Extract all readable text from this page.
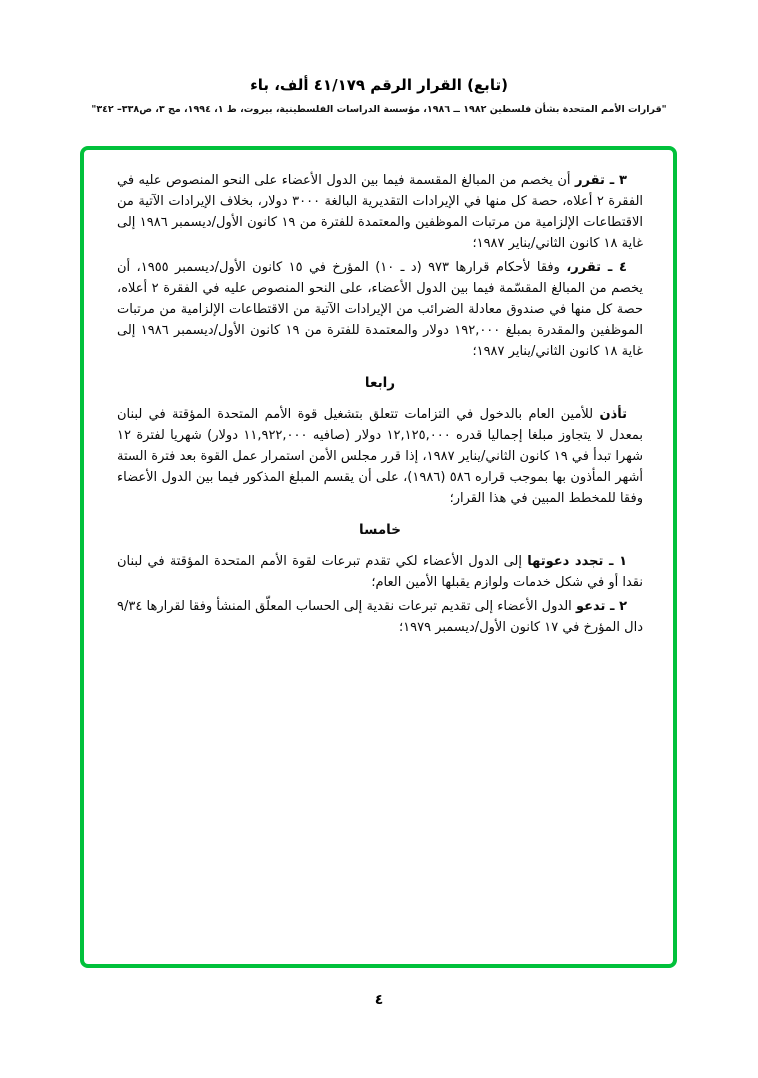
(تابع) القرار الرقم ٤١/١٧٩ ألف، باء
"قرارات الأمم المتحدة بشأن فلسطين ١٩٨٢ ــ ١٩٨٦، مؤسسة الدراسات الفلسطينية، بيروت، ط ١، ١٩٩٤، مج ٣، ص٣٣٨– ٣٤٢"

٣ ـ تقرر أن يخصم من المبالغ المقسمة فيما بين الدول الأعضاء على النحو المنصوص عليه في الفقرة ٢ أعلاه، حصة كل منها في الإيرادات التقديرية البالغة ٣٠٠٠ دولار، بخلاف الإيرادات الآتية من الاقتطاعات الإلزامية من مرتبات الموظفين والمعتمدة للفترة من ١٩ كانون الأول/ديسمبر ١٩٨٦ إلى غاية ١٨ كانون الثاني/يناير ١٩٨٧؛

٤ ـ تقرر، وفقا لأحكام قرارها ٩٧٣ (د ـ ١٠) المؤرخ في ١٥ كانون الأول/ديسمبر ١٩٥٥، أن يخصم من المبالغ المقسّمة فيما بين الدول الأعضاء، على النحو المنصوص عليه في الفقرة ٢ أعلاه، حصة كل منها في صندوق معادلة الضرائب من الإيرادات الآتية من الاقتطاعات الإلزامية من مرتبات الموظفين والمقدرة بمبلغ ١٩٢,٠٠٠ دولار والمعتمدة للفترة من ١٩ كانون الأول/ديسمبر ١٩٨٦ إلى غاية ١٨ كانون الثاني/يناير ١٩٨٧؛

رابعا

تأذن للأمين العام بالدخول في التزامات تتعلق بتشغيل قوة الأمم المتحدة المؤقتة في لبنان بمعدل لا يتجاوز مبلغا إجماليا قدره ١٢,١٢٥,٠٠٠ دولار (صافيه ١١,٩٢٢,٠٠٠ دولار) شهريا لفترة ١٢ شهرا تبدأ في ١٩ كانون الثاني/يناير ١٩٨٧، إذا قرر مجلس الأمن استمرار عمل القوة بعد فترة الستة أشهر المأذون بها بموجب قراره ٥٨٦ (١٩٨٦)، على أن يقسم المبلغ المذكور فيما بين الدول الأعضاء وفقا للمخطط المبين في هذا القرار؛

خامسا

١ ـ تجدد دعوتها إلى الدول الأعضاء لكي تقدم تبرعات لقوة الأمم المتحدة المؤقتة في لبنان نقدا أو في شكل خدمات ولوازم يقبلها الأمين العام؛

٢ ـ تدعو الدول الأعضاء إلى تقديم تبرعات نقدية إلى الحساب المعلّق المنشأ وفقا لقرارها ٩/٣٤ دال المؤرخ في ١٧ كانون الأول/ديسمبر ١٩٧٩؛

٤
